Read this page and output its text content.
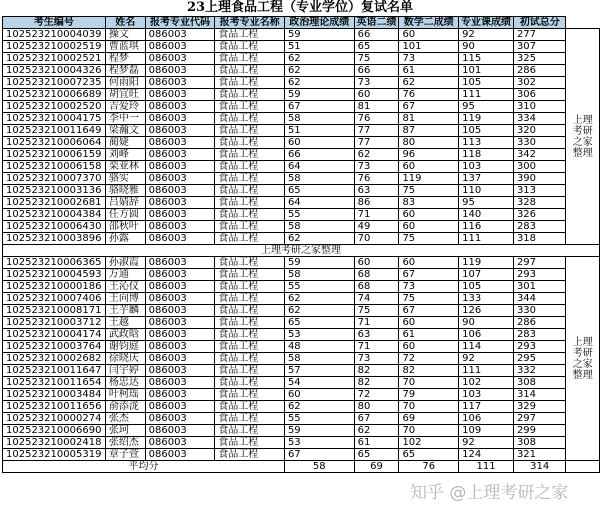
23上理食品工程（专业学位）复试名单
考生编号	姓名	报考专业代码	报考专业名称	政治理论成绩	英语二绩	数学二成绩	专业课成绩	初试总分	
102523210004039	操文	086003	食品工程	59	66	60	92	277	上理
考研
之家
整理

102523210002519	曹蓝琪	086003	食品工程	51	65	101	90	307	
102523210002521	程梦	086003	食品工程	62	75	73	115	325	
102523210004326	程梦磊	086003	食品工程	62	66	61	101	286	
102523210007235	何雨阳	086003	食品工程	62	73	62	105	302	
102523210006689	胡宜旺	086003	食品工程	59	60	76	111	306	
102523210002520	吉爱玲	086003	食品工程	67	81	67	95	310	
102523210004175	李中一	086003	食品工程	58	76	81	119	334	
102523210011649	梁瀚文	086003	食品工程	51	77	87	105	320	
102523210006064	蔺婕	086003	食品工程	60	77	80	113	330	
102523210006159	刘峰	086003	食品工程	66	62	96	118	342	
102523210006158	栾亚林	086003	食品工程	64	73	60	103	300	
102523210007370	骆实	086003	食品工程	58	76	119	137	390	
102523210003136	骆晓雅	086003	食品工程	65	63	75	110	313	
102523210002681	吕婧辞	086003	食品工程	64	86	83	95	328	
102523210004384	任方圆	086003	食品工程	55	71	60	140	326	
102523210006430	邵秋叶	086003	食品工程	58	49	60	116	283	
102523210003896	孙露	086003	食品工程	62	70	75	111	318	
上理考研之家整理									
102523210006365	孙淑霞	086003	食品工程	59	60	60	119	297	上理
考研
之家
整理

102523210004593	万通	086003	食品工程	58	68	67	107	293	
102523210000186	王沁仪	086003	食品工程	55	68	73	105	301	
102523210007406	王向博	086003	食品工程	62	74	75	133	344	
102523210008171	王芋麟	086003	食品工程	62	75	67	126	330	
102523210003712	王越	086003	食品工程	65	71	60	90	286	
102523210004174	武政晗	086003	食品工程	53	63	61	106	283	
102523210003764	谢钧庭	086003	食品工程	48	71	60	114	293	
102523210002682	徐晓庆	086003	食品工程	58	73	72	92	295	
102523210011647	闫宇婷	086003	食品工程	57	82	82	111	332	
102523210011654	杨忠达	086003	食品工程	54	82	70	102	308	
102523210003484	叶柯瑶	086003	食品工程	60	72	79	103	314	
102523210011656	俞添泷	086003	食品工程	62	80	70	117	329	
102523210000274	张杰	086003	食品工程	55	67	69	106	297	
102523210006690	张珂	086003	食品工程	59	62	70	109	299	
102523210002418	张绍杰	086003	食品工程	53	61	102	92	308	
102523210005319	章子萱	086003	食品工程	67	65	65	124	321	
平均分				58	69	76	111	314	
知乎 @上理考研之家
